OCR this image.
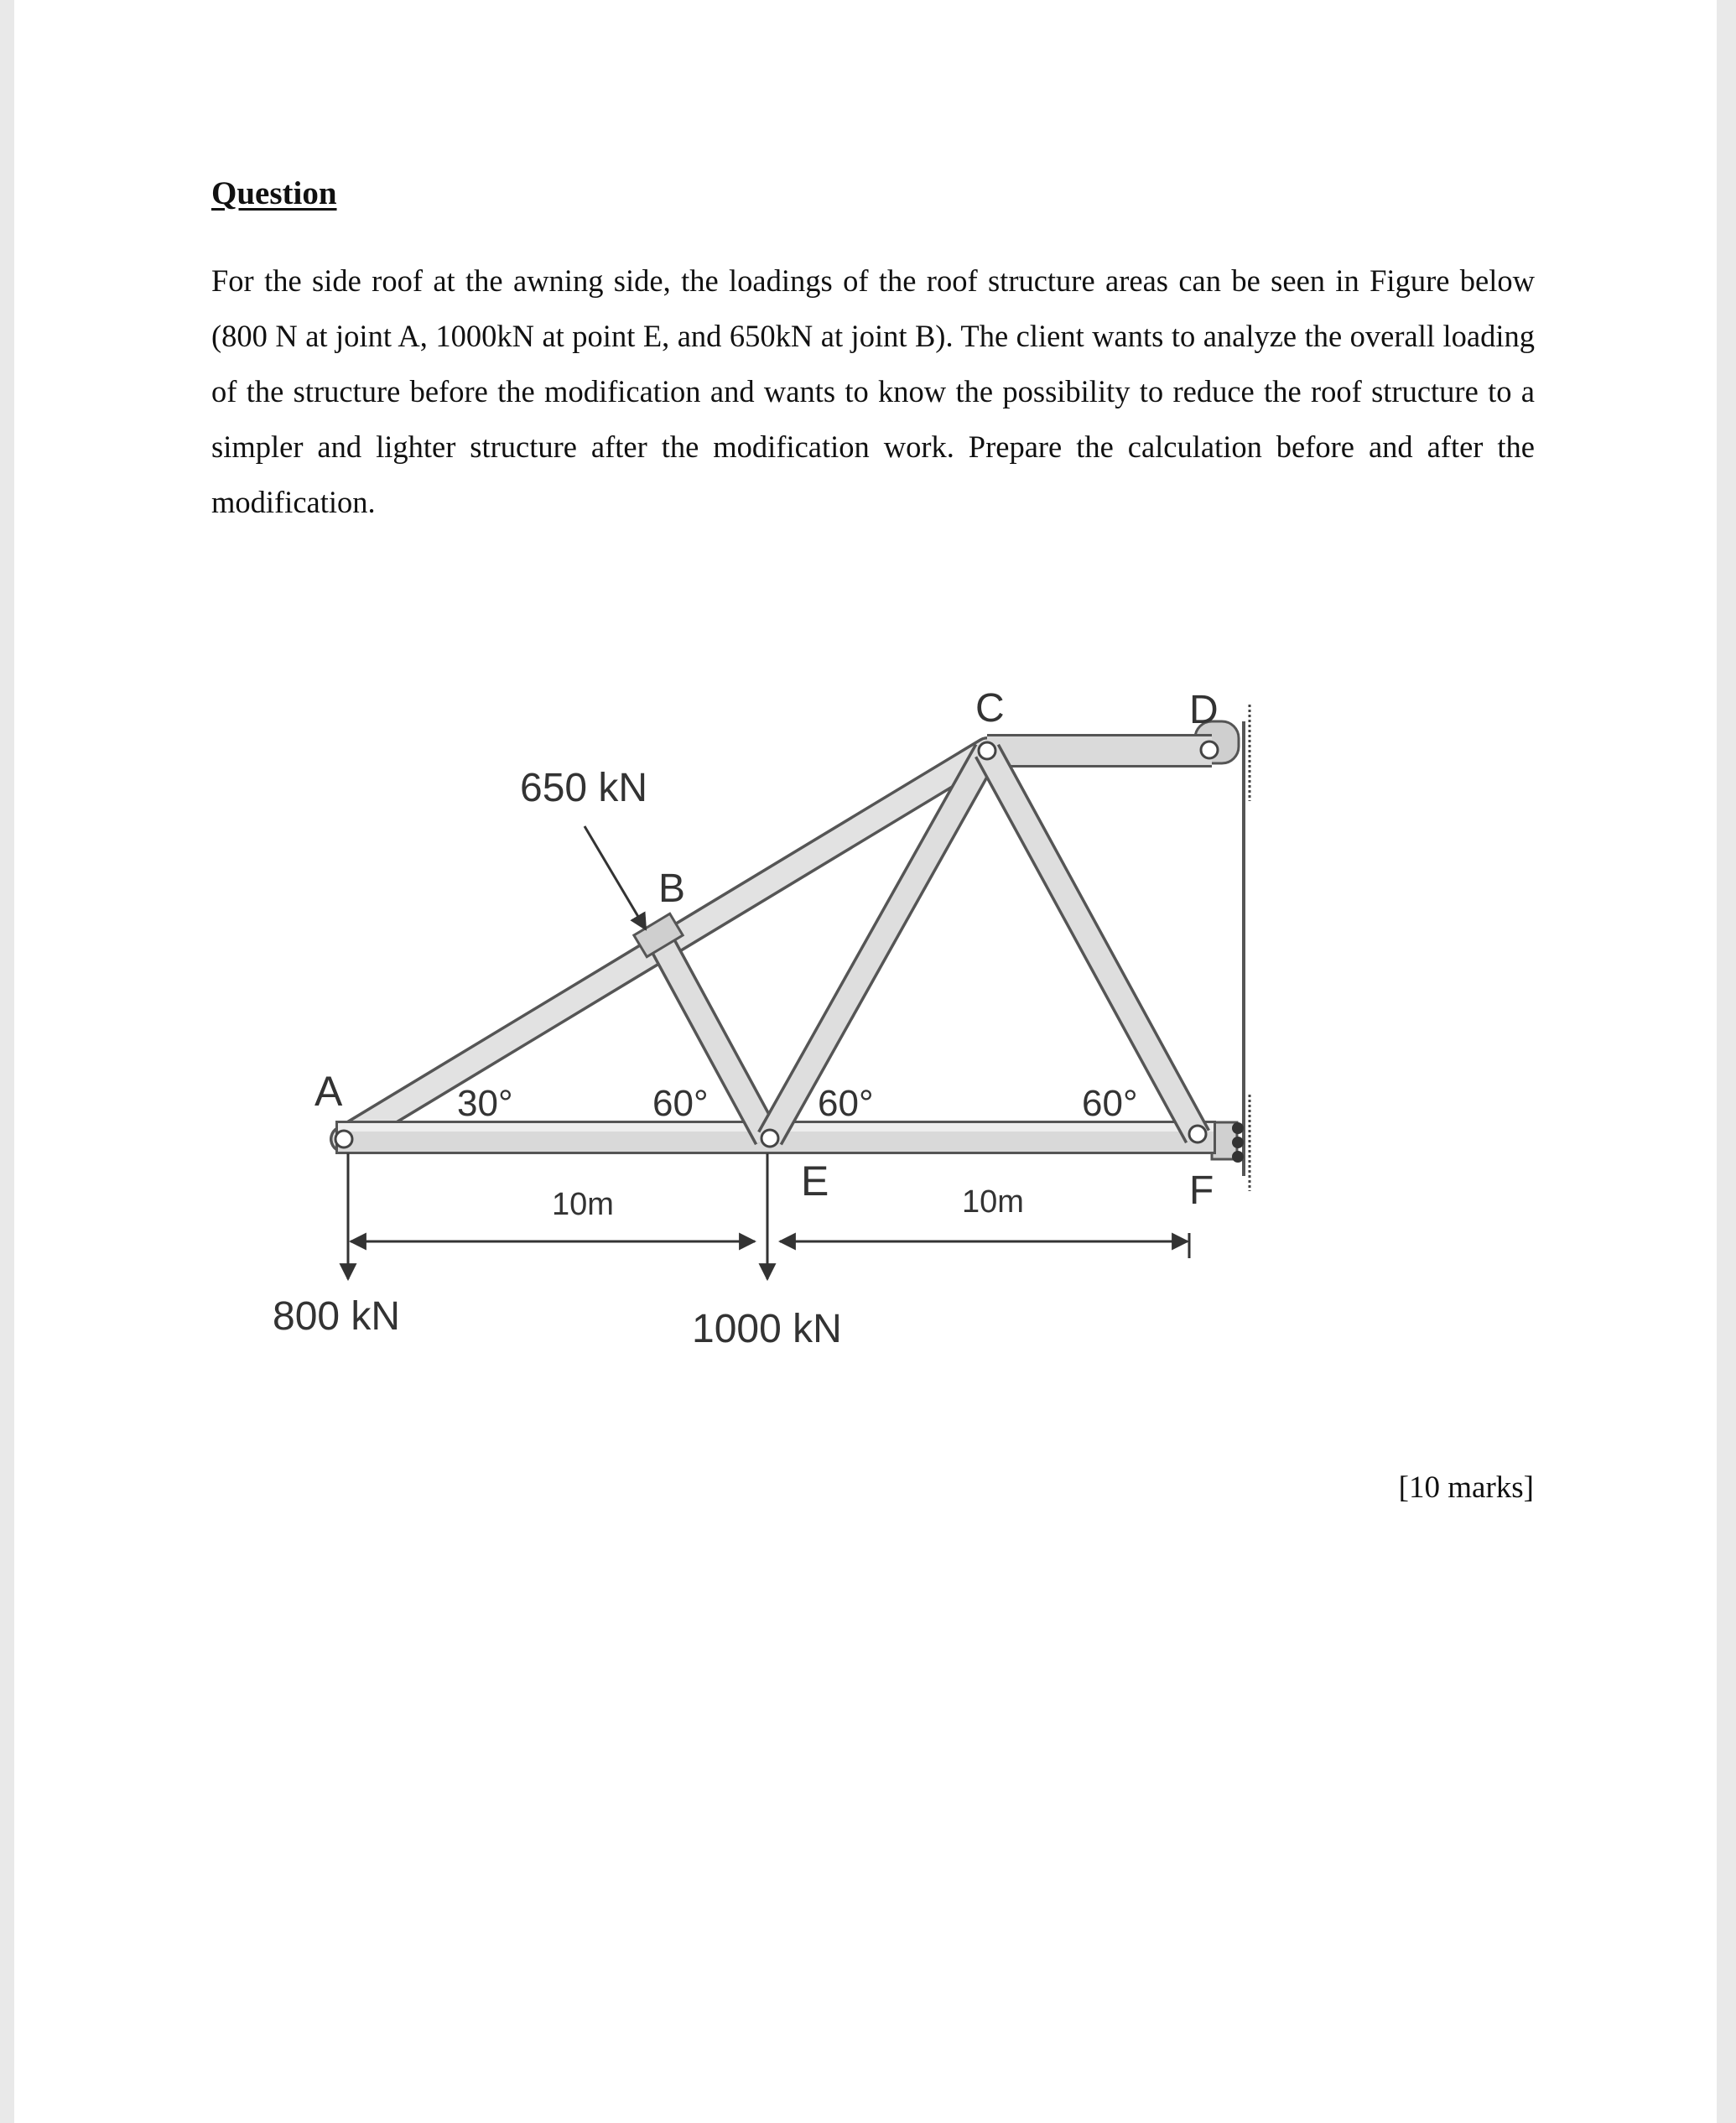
Question

For the side roof at the awning side, the loadings of the roof structure areas can be seen in Figure below (800 N at joint A, 1000kN at point E, and 650kN at joint B). The client wants to analyze the overall loading of the structure before the modification and wants to know the possibility to reduce the roof structure to a simpler and lighter structure after the modification work. Prepare the calculation before and after the modification.

[10 marks]
A
B
C	D
E	F
650 kN
800 kN	1000 kN
30°	60°	60°	60°
10m	10m
